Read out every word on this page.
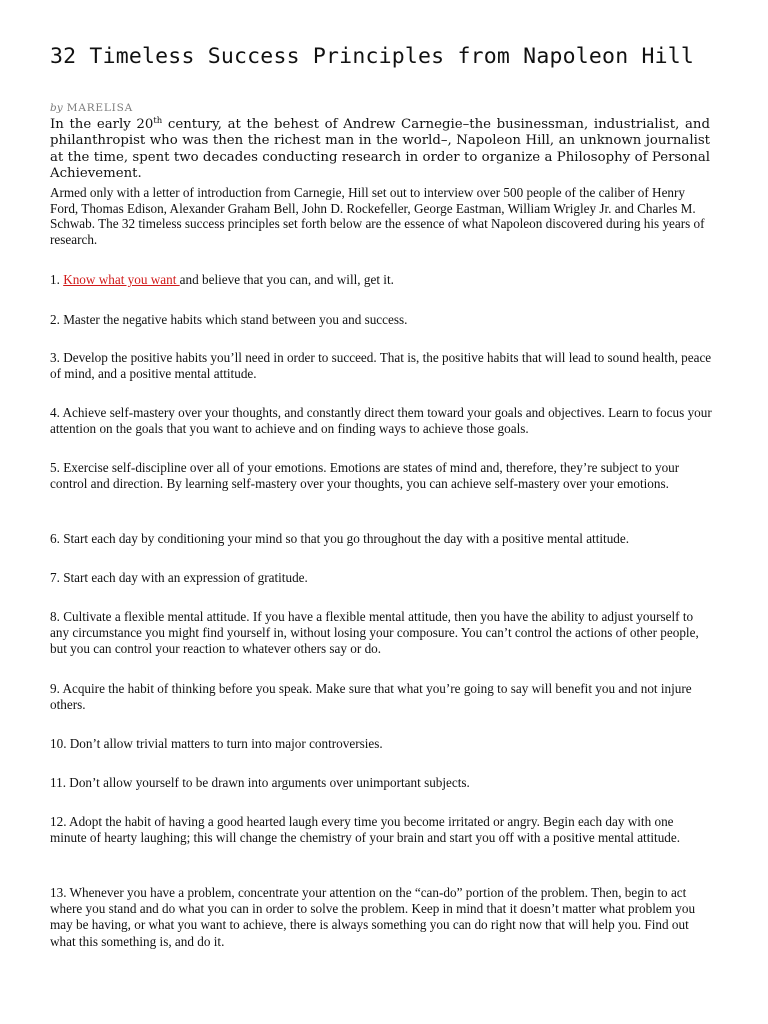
32 Timeless Success Principles from Napoleon Hill
by MARELISA

In the early 20th century, at the behest of Andrew Carnegie–the businessman, industrialist, and philanthropist who was then the richest man in the world–, Napoleon Hill, an unknown journalist at the time, spent two decades conducting research in order to organize a Philosophy of Personal Achievement.

Armed only with a letter of introduction from Carnegie, Hill set out to interview over 500 people of the caliber of Henry Ford, Thomas Edison, Alexander Graham Bell, John D. Rockefeller, George Eastman, William Wrigley Jr. and Charles M. Schwab. The 32 timeless success principles set forth below are the essence of what Napoleon discovered during his years of research.

1. Know what you want and believe that you can, and will, get it.

2. Master the negative habits which stand between you and success.

3. Develop the positive habits you’ll need in order to succeed. That is, the positive habits that will lead to sound health, peace of mind, and a positive mental attitude.

4. Achieve self-mastery over your thoughts, and constantly direct them toward your goals and objectives. Learn to focus your attention on the goals that you want to achieve and on finding ways to achieve those goals.

5. Exercise self-discipline over all of your emotions. Emotions are states of mind and, therefore, they’re subject to your control and direction. By learning self-mastery over your thoughts, you can achieve self-mastery over your emotions.

6. Start each day by conditioning your mind so that you go throughout the day with a positive mental attitude.

7. Start each day with an expression of gratitude.

8. Cultivate a flexible mental attitude. If you have a flexible mental attitude, then you have the ability to adjust yourself to any circumstance you might find yourself in, without losing your composure. You can’t control the actions of other people, but you can control your reaction to whatever others say or do.

9. Acquire the habit of thinking before you speak. Make sure that what you’re going to say will benefit you and not injure others.

10. Don’t allow trivial matters to turn into major controversies.

11. Don’t allow yourself to be drawn into arguments over unimportant subjects.

12. Adopt the habit of having a good hearted laugh every time you become irritated or angry. Begin each day with one minute of hearty laughing; this will change the chemistry of your brain and start you off with a positive mental attitude.

13. Whenever you have a problem, concentrate your attention on the “can-do” portion of the problem. Then, begin to act where you stand and do what you can in order to solve the problem. Keep in mind that it doesn’t matter what problem you may be having, or what you want to achieve, there is always something you can do right now that will help you. Find out what this something is, and do it.
